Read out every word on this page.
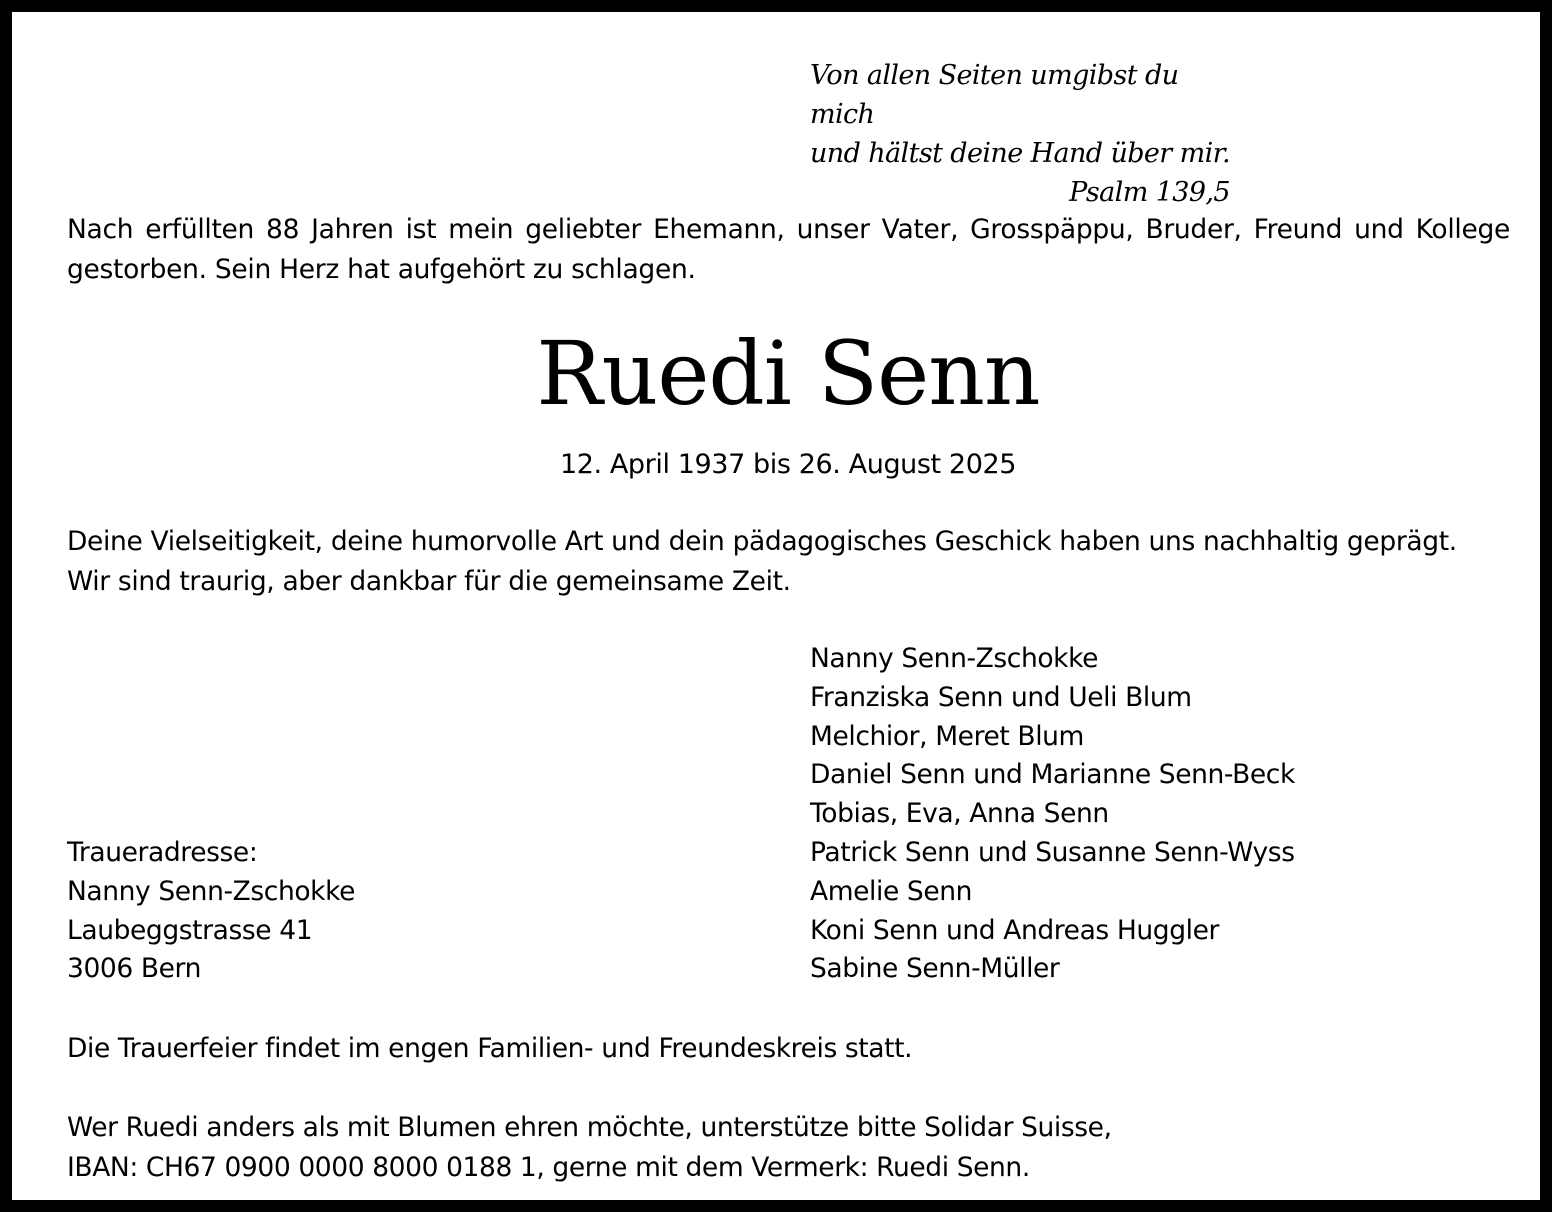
Von allen Seiten umgibst du mich
und hältst deine Hand über mir.
Psalm 139,5
Nach erfüllten 88 Jahren ist mein geliebter Ehemann, unser Vater, Grosspäppu, Bruder, Freund und Kollege gestorben. Sein Herz hat aufgehört zu schlagen.
Ruedi Senn
12. April 1937 bis 26. August 2025
Deine Vielseitigkeit, deine humorvolle Art und dein pädagogisches Geschick haben uns nachhaltig geprägt.
Wir sind traurig, aber dankbar für die gemeinsame Zeit.
Nanny Senn-Zschokke
Franziska Senn und Ueli Blum
Melchior, Meret Blum
Daniel Senn und Marianne Senn-Beck
Tobias, Eva, Anna Senn
Patrick Senn und Susanne Senn-Wyss
Amelie Senn
Koni Senn und Andreas Huggler
Sabine Senn-Müller
Traueradresse:
Nanny Senn-Zschokke
Laubeggstrasse 41
3006 Bern
Die Trauerfeier findet im engen Familien- und Freundeskreis statt.
Wer Ruedi anders als mit Blumen ehren möchte, unterstütze bitte Solidar Suisse,
IBAN: CH67 0900 0000 8000 0188 1, gerne mit dem Vermerk: Ruedi Senn.
